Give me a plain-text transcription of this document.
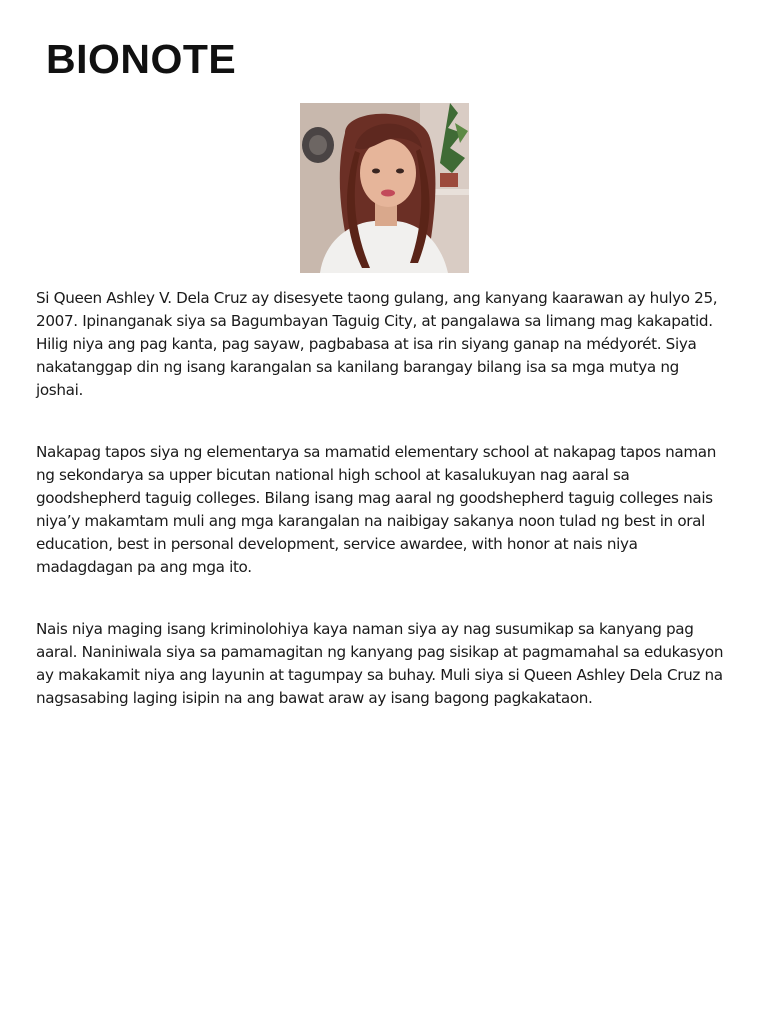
BIONOTE

Si Queen Ashley V. Dela Cruz ay disesyete taong gulang, ang kanyang kaarawan ay hulyo 25, 2007. Ipinanganak siya sa Bagumbayan Taguig City, at pangalawa sa limang mag kakapatid. Hilig niya ang pag kanta, pag sayaw, pagbabasa at isa rin siyang ganap na médyorét. Siya nakatanggap din ng isang karangalan sa kanilang barangay bilang isa sa mga mutya ng joshai.

Nakapag tapos siya ng elementarya sa mamatid elementary school at nakapag tapos naman ng sekondarya sa upper bicutan national high school at kasalukuyan nag aaral sa goodshepherd taguig colleges. Bilang isang mag aaral ng goodshepherd taguig colleges nais niya’y makamtam muli ang mga karangalan na naibigay sakanya noon tulad ng best in oral education, best in personal development, service awardee, with honor at nais niya madagdagan pa ang mga ito.

Nais niya maging isang kriminolohiya kaya naman siya ay nag susumikap sa kanyang pag aaral. Naniniwala siya sa pamamagitan ng kanyang pag sisikap at pagmamahal sa edukasyon ay makakamit niya ang layunin at tagumpay sa buhay. Muli siya si Queen Ashley Dela Cruz na nagsasabing laging isipin na ang bawat araw ay isang bagong pagkakataon.
